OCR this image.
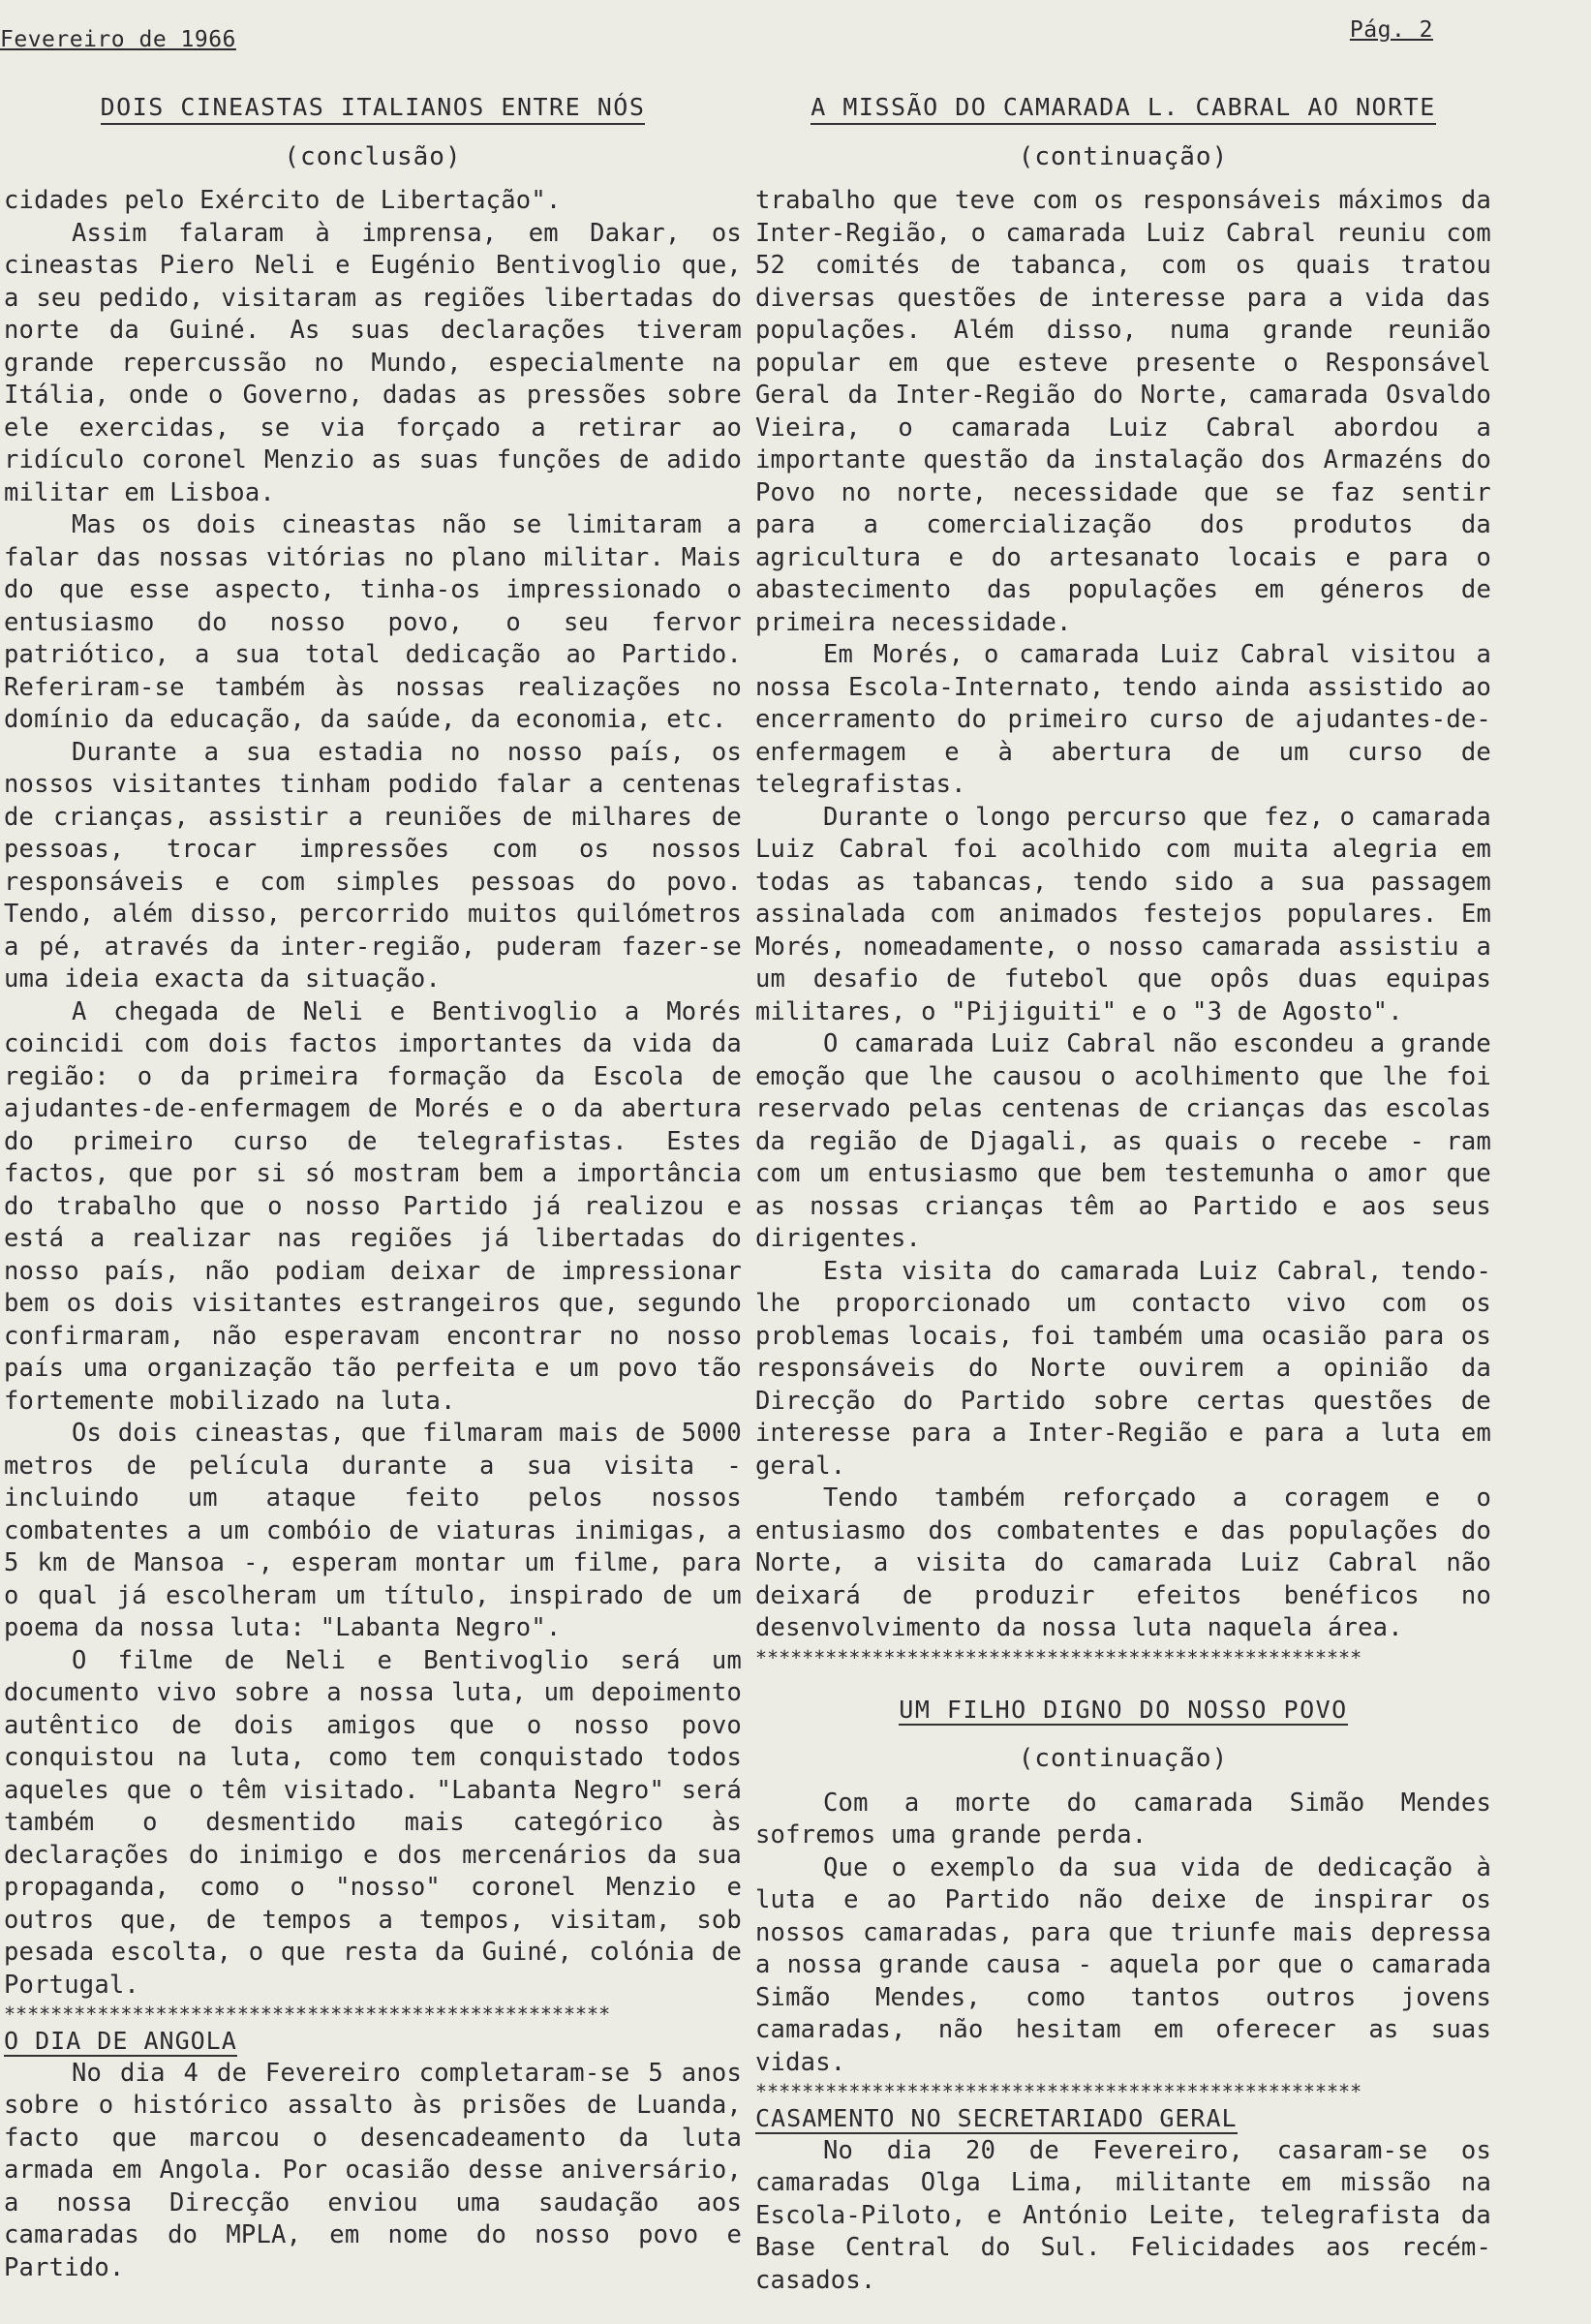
Fevereiro de 1966	Pág. 2
DOIS CINEASTAS ITALIANOS ENTRE NÓS
(conclusão)

cidades pelo Exército de Libertação".

Assim falaram à imprensa, em Dakar, os cineastas Piero Neli e Eugénio Bentivoglio que, a seu pedido, visitaram as regiões libertadas do norte da Guiné. As suas declarações tiveram grande repercussão no Mundo, especialmente na Itália, onde o Governo, dadas as pressões sobre ele exercidas, se via forçado a retirar ao ridículo coronel Menzio as suas funções de adido militar em Lisboa.

Mas os dois cineastas não se limitaram a falar das nossas vitórias no plano militar. Mais do que esse aspecto, tinha-os impressionado o entusiasmo do nosso povo, o seu fervor patriótico, a sua total dedicação ao Partido. Referiram-se também às nossas realizações no domínio da educação, da saúde, da economia, etc.

Durante a sua estadia no nosso país, os nossos visitantes tinham podido falar a centenas de crianças, assistir a reuniões de milhares de pessoas, trocar impressões com os nossos responsáveis e com simples pessoas do povo. Tendo, além disso, percorrido muitos quilómetros a pé, através da inter-região, puderam fazer-se uma ideia exacta da situação.

A chegada de Neli e Bentivoglio a Morés coincidi com dois factos importantes da vida da região: o da primeira formação da Escola de ajudantes-de-enfermagem de Morés e o da abertura do primeiro curso de telegrafistas. Estes factos, que por si só mostram bem a importância do trabalho que o nosso Partido já realizou e está a realizar nas regiões já libertadas do nosso país, não podiam deixar de impressionar bem os dois visitantes estrangeiros que, segundo confirmaram, não esperavam encontrar no nosso país uma organização tão perfeita e um povo tão fortemente mobilizado na luta.

Os dois cineastas, que filmaram mais de 5000 metros de película durante a sua visita - incluindo um ataque feito pelos nossos combatentes a um combóio de viaturas inimigas, a 5 km de Mansoa -, esperam montar um filme, para o qual já escolheram um título, inspirado de um poema da nossa luta: "Labanta Negro".

O filme de Neli e Bentivoglio será um documento vivo sobre a nossa luta, um depoimento autêntico de dois amigos que o nosso povo conquistou na luta, como tem conquistado todos aqueles que o têm visitado. "Labanta Negro" será também o desmentido mais categórico às declarações do inimigo e dos mercenários da sua propaganda, como o "nosso" coronel Menzio e outros que, de tempos a tempos, visitam, sob pesada escolta, o que resta da Guiné, colónia de Portugal.

****************************************************
O DIA DE ANGOLA

No dia 4 de Fevereiro completaram-se 5 anos sobre o histórico assalto às prisões de Luanda, facto que marcou o desencadeamento da luta armada em Angola. Por ocasião desse aniversário, a nossa Direcção enviou uma saudação aos camaradas do MPLA, em nome do nosso povo e Partido.

A MISSÃO DO CAMARADA L. CABRAL AO NORTE
(continuação)

trabalho que teve com os responsáveis máximos da Inter-Região, o camarada Luiz Cabral reuniu com 52 comités de tabanca, com os quais tratou diversas questões de interesse para a vida das populações. Além disso, numa grande reunião popular em que esteve presente o Responsável Geral da Inter-Região do Norte, camarada Osvaldo Vieira, o camarada Luiz Cabral abordou a importante questão da instalação dos Armazéns do Povo no norte, necessidade que se faz sentir para a comercialização dos produtos da agricultura e do artesanato locais e para o abastecimento das populações em géneros de primeira necessidade.

Em Morés, o camarada Luiz Cabral visitou a nossa Escola-Internato, tendo ainda assistido ao encerramento do primeiro curso de ajudantes-de-enfermagem e à abertura de um curso de telegrafistas.

Durante o longo percurso que fez, o camarada Luiz Cabral foi acolhido com muita alegria em todas as tabancas, tendo sido a sua passagem assinalada com animados festejos populares. Em Morés, nomeadamente, o nosso camarada assistiu a um desafio de futebol que opôs duas equipas militares, o "Pijiguiti" e o "3 de Agosto".

O camarada Luiz Cabral não escondeu a grande emoção que lhe causou o acolhimento que lhe foi reservado pelas centenas de crianças das escolas da região de Djagali, as quais o recebe - ram com um entusiasmo que bem testemunha o amor que as nossas crianças têm ao Partido e aos seus dirigentes.

Esta visita do camarada Luiz Cabral, tendo-lhe proporcionado um contacto vivo com os problemas locais, foi também uma ocasião para os responsáveis do Norte ouvirem a opinião da Direcção do Partido sobre certas questões de interesse para a Inter-Região e para a luta em geral.

Tendo também reforçado a coragem e o entusiasmo dos combatentes e das populações do Norte, a visita do camarada Luiz Cabral não deixará de produzir efeitos benéficos no desenvolvimento da nossa luta naquela área.

****************************************************
UM FILHO DIGNO DO NOSSO POVO
(continuação)

Com a morte do camarada Simão Mendes sofremos uma grande perda.

Que o exemplo da sua vida de dedicação à luta e ao Partido não deixe de inspirar os nossos camaradas, para que triunfe mais depressa a nossa grande causa - aquela por que o camarada Simão Mendes, como tantos outros jovens camaradas, não hesitam em oferecer as suas vidas.

****************************************************
CASAMENTO NO SECRETARIADO GERAL

No dia 20 de Fevereiro, casaram-se os camaradas Olga Lima, militante em missão na Escola-Piloto, e António Leite, telegrafista da Base Central do Sul. Felicidades aos recém-casados.
